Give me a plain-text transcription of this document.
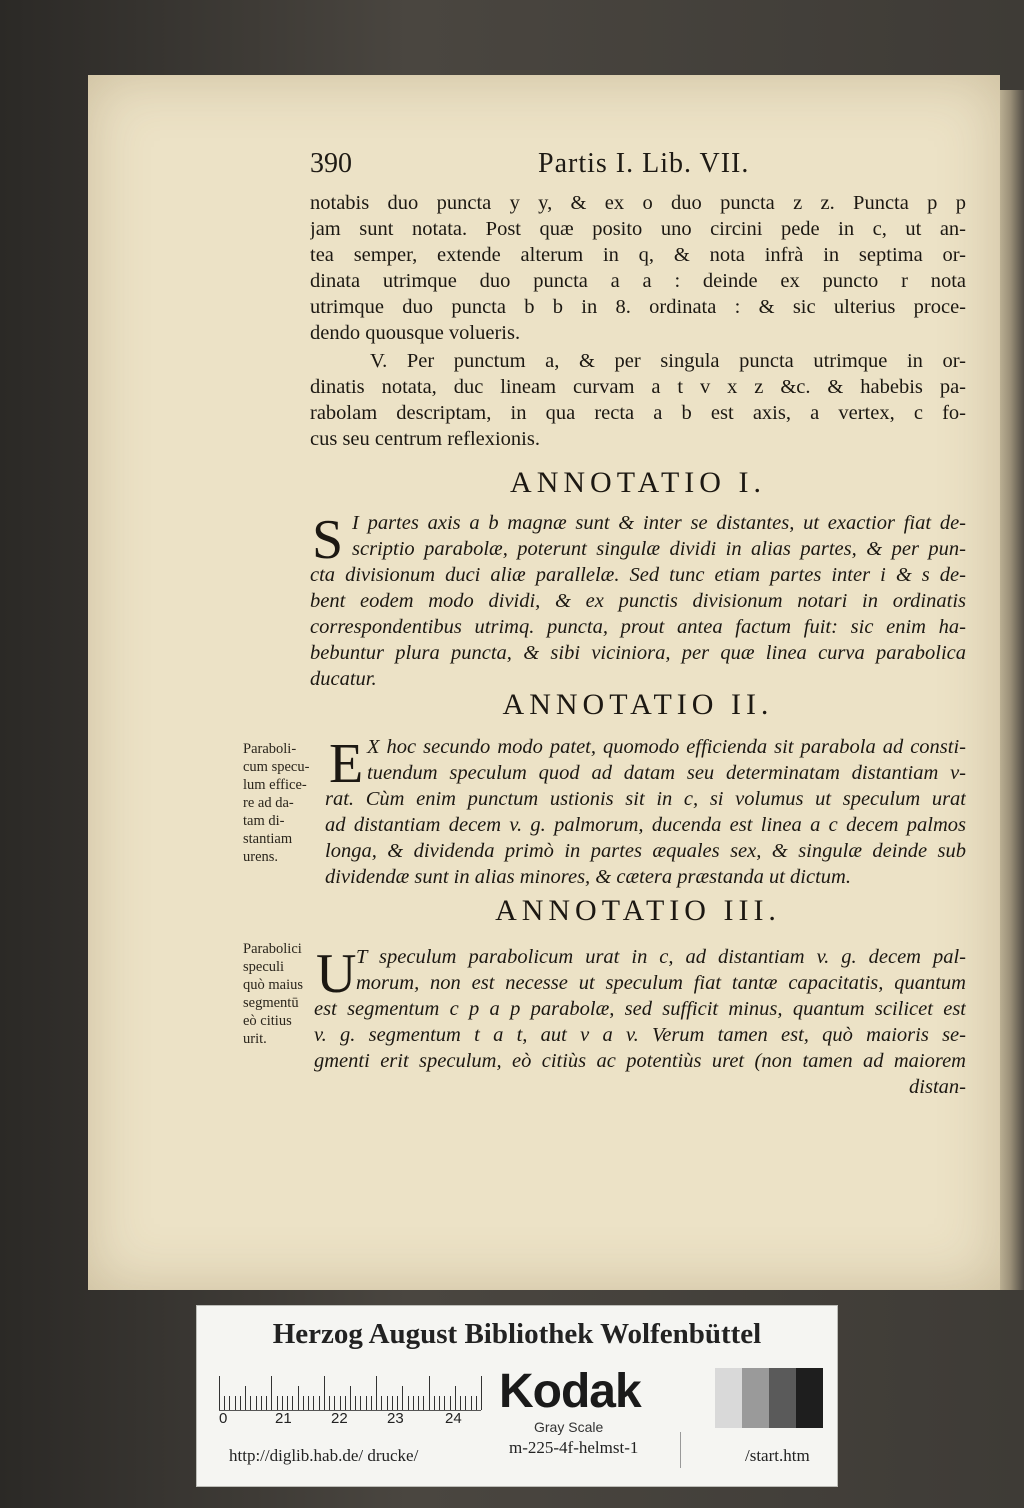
390	Partis I. Lib. VII.
notabis duo puncta y y, & ex o duo puncta z z. Puncta p p
jam sunt notata. Post quæ posito uno circini pede in c, ut an-
tea semper, extende alterum in q, & nota infrà in septima or-
dinata utrimque duo puncta a a : deinde ex puncto r nota
utrimque duo puncta b b in 8. ordinata : & sic ulterius proce-
dendo quousque volueris.
V. Per punctum a, & per singula puncta utrimque in or-
dinatis notata, duc lineam curvam a t v x z &c. & habebis pa-
rabolam descriptam, in qua recta a b est axis, a vertex, c fo-
cus seu centrum reflexionis.
ANNOTATIO I.
S I partes axis a b magnæ sunt & inter se distantes, ut exactior fiat de-
scriptio parabolæ, poterunt singulæ dividi in alias partes, & per pun-
cta divisionum duci aliæ parallelæ. Sed tunc etiam partes inter i & s de-
bent eodem modo dividi, & ex punctis divisionum notari in ordinatis
correspondentibus utrimq. puncta, prout antea factum fuit: sic enim ha-
bebuntur plura puncta, & sibi viciniora, per quæ linea curva parabolica
ducatur.
ANNOTATIO II.
Paraboli-
cum specu-
lum effice-
re ad da-
tam di-
stantiam
urens.
E X hoc secundo modo patet, quomodo efficienda sit parabola ad consti-
tuendum speculum quod ad datam seu determinatam distantiam v-
rat. Cùm enim punctum ustionis sit in c, si volumus ut speculum urat
ad distantiam decem v. g. palmorum, ducenda est linea a c decem palmos
longa, & dividenda primò in partes æquales sex, & singulæ deinde sub
dividendæ sunt in alias minores, & cætera præstanda ut dictum.
ANNOTATIO III.
Parabolici
speculi
quò maius
segmentū
eò citius
urit.
U T speculum parabolicum urat in c, ad distantiam v. g. decem pal-
morum, non est necesse ut speculum fiat tantæ capacitatis, quantum
est segmentum c p a p parabolæ, sed sufficit minus, quantum scilicet est
v. g. segmentum t a t, aut v a v. Verum tamen est, quò maioris se-
gmenti erit speculum, eò citiùs ac potentiùs uret (non tamen ad maiorem
distan-
Herzog August Bibliothek Wolfenbüttel
0	21	22	23	24
Kodak
Gray Scale
m-225-4f-helmst-1
http://diglib.hab.de/ drucke/	/start.htm
